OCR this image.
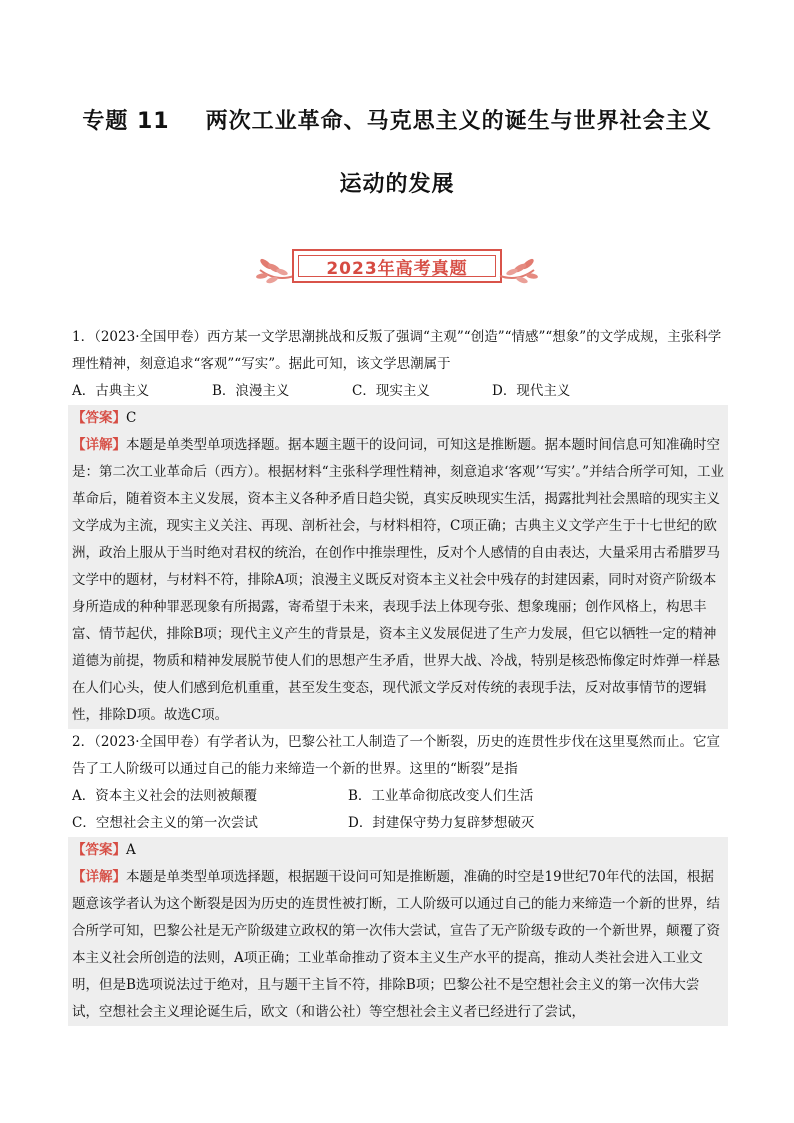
专题 11 两次工业革命、马克思主义的诞生与世界社会主义
运动的发展
2023年高考真题

1．（2023·全国甲卷）西方某一文学思潮挑战和反叛了强调“主观”“创造”“情感”“想象”的文学成规，主张科学理性精神，刻意追求“客观”“写实”。据此可知，该文学思潮属于

A．古典主义	B．浪漫主义	C．现实主义	D．现代主义

【答案】C

【详解】本题是单类型单项选择题。据本题主题干的设问词，可知这是推断题。据本题时间信息可知准确时空是：第二次工业革命后（西方）。根据材料“主张科学理性精神，刻意追求‘客观’‘写实’。”并结合所学可知，工业革命后，随着资本主义发展，资本主义各种矛盾日趋尖锐，真实反映现实生活，揭露批判社会黑暗的现实主义文学成为主流，现实主义关注、再现、剖析社会，与材料相符，C项正确；古典主义文学产生于十七世纪的欧洲，政治上服从于当时绝对君权的统治，在创作中推崇理性，反对个人感情的自由表达，大量采用古希腊罗马文学中的题材，与材料不符，排除A项；浪漫主义既反对资本主义社会中残存的封建因素，同时对资产阶级本身所造成的种种罪恶现象有所揭露，寄希望于未来，表现手法上体现夸张、想象瑰丽；创作风格上，构思丰富、情节起伏，排除B项；现代主义产生的背景是，资本主义发展促进了生产力发展，但它以牺牲一定的精神道德为前提，物质和精神发展脱节使人们的思想产生矛盾，世界大战、冷战，特别是核恐怖像定时炸弹一样悬在人们心头，使人们感到危机重重，甚至发生变态，现代派文学反对传统的表现手法，反对故事情节的逻辑性，排除D项。故选C项。

2．（2023·全国甲卷）有学者认为，巴黎公社工人制造了一个断裂，历史的连贯性步伐在这里戛然而止。它宣告了工人阶级可以通过自己的能力来缔造一个新的世界。这里的“断裂”是指

A．资本主义社会的法则被颠覆	B．工业革命彻底改变人们生活
C．空想社会主义的第一次尝试	D．封建保守势力复辟梦想破灭

【答案】A

【详解】本题是单类型单项选择题，根据题干设问可知是推断题，准确的时空是19世纪70年代的法国，根据题意该学者认为这个断裂是因为历史的连贯性被打断，工人阶级可以通过自己的能力来缔造一个新的世界，结合所学可知，巴黎公社是无产阶级建立政权的第一次伟大尝试，宣告了无产阶级专政的一个新世界，颠覆了资本主义社会所创造的法则，A项正确；工业革命推动了资本主义生产水平的提高，推动人类社会进入工业文明，但是B选项说法过于绝对，且与题干主旨不符，排除B项；巴黎公社不是空想社会主义的第一次伟大尝试，空想社会主义理论诞生后，欧文（和谐公社）等空想社会主义者已经进行了尝试，
